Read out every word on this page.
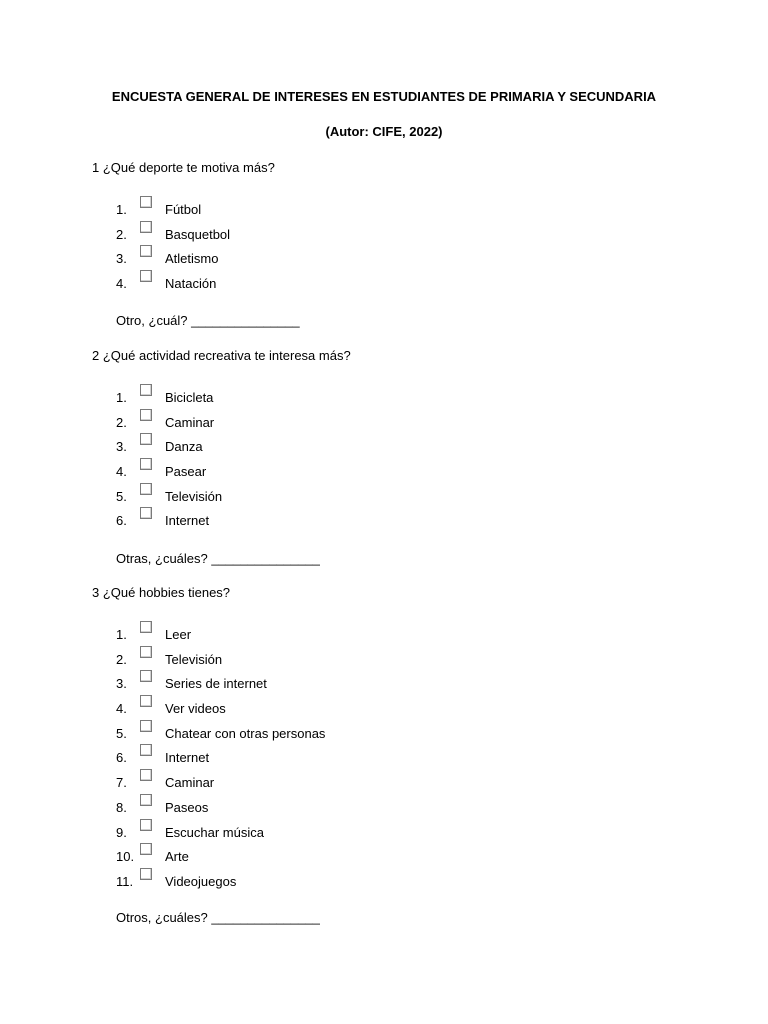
ENCUESTA GENERAL DE INTERESES EN ESTUDIANTES DE PRIMARIA Y SECUNDARIA
(Autor: CIFE, 2022)
1 ¿Qué deporte te motiva más?
1.	Fútbol
2.	Basquetbol
3.	Atletismo
4.	Natación
Otro, ¿cuál? _______________
2 ¿Qué actividad recreativa te interesa más?
1.	Bicicleta
2.	Caminar
3.	Danza
4.	Pasear
5.	Televisión
6.	Internet
Otras, ¿cuáles? _______________
3 ¿Qué hobbies tienes?
1.	Leer
2.	Televisión
3.	Series de internet
4.	Ver videos
5.	Chatear con otras personas
6.	Internet
7.	Caminar
8.	Paseos
9.	Escuchar música
10. Arte
11. Videojuegos
Otros, ¿cuáles? _______________
